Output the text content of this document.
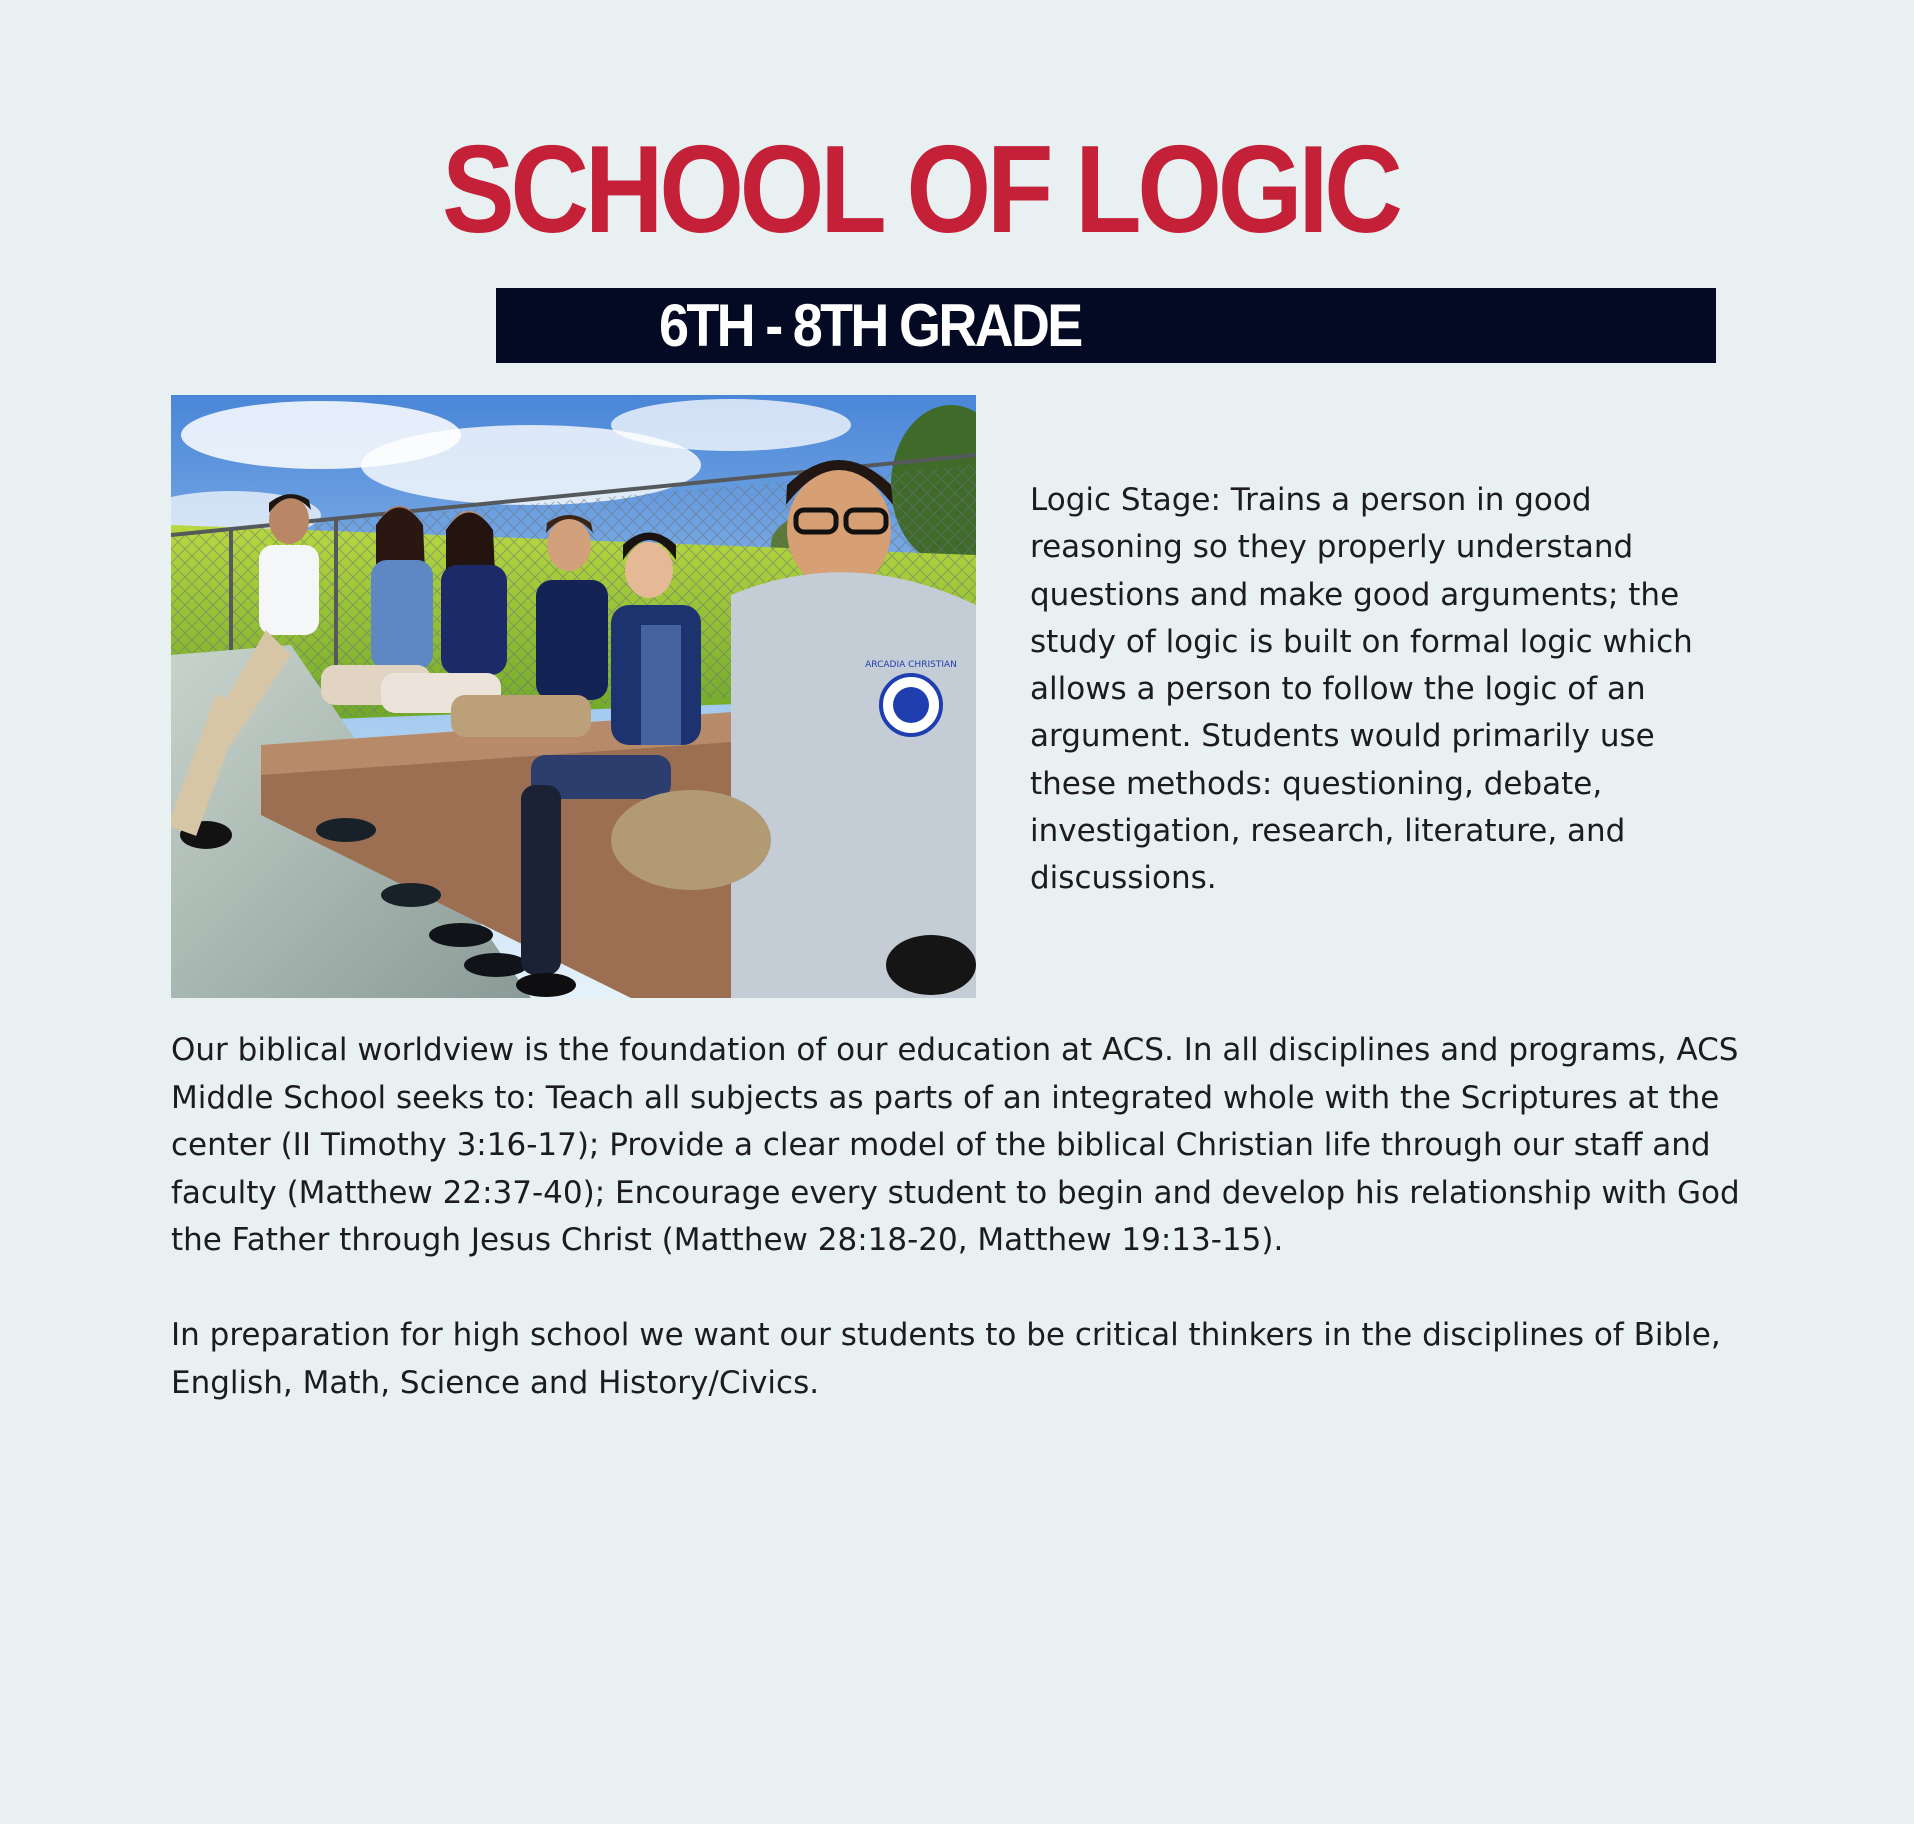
SCHOOL OF LOGIC
6TH - 8TH GRADE
ARCADIA CHRISTIAN

Logic Stage: Trains a person in good reasoning so they properly understand questions and make good arguments; the study of logic is built on formal logic which allows a person to follow the logic of an argument. Students would primarily use these methods: questioning, debate, investigation, research, literature, and discussions.

Our biblical worldview is the foundation of our education at ACS. In all disciplines and programs, ACS Middle School seeks to: Teach all subjects as parts of an integrated whole with the Scriptures at the center (II Timothy 3:16-17); Provide a clear model of the biblical Christian life through our staff and faculty (Matthew 22:37-40); Encourage every student to begin and develop his relationship with God the Father through Jesus Christ (Matthew 28:18-20, Matthew 19:13-15).

In preparation for high school we want our students to be critical thinkers in the disciplines of Bible, English, Math, Science and History/Civics.
